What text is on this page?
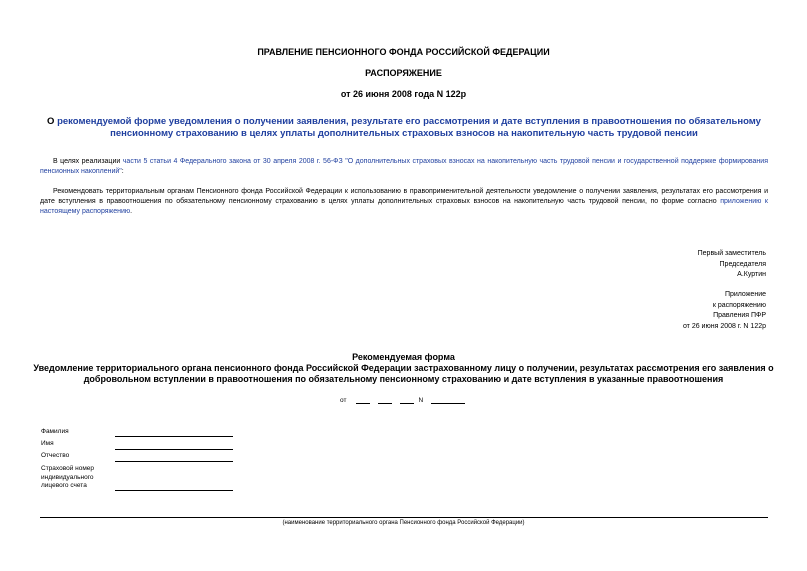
ПРАВЛЕНИЕ ПЕНСИОННОГО ФОНДА РОССИЙСКОЙ ФЕДЕРАЦИИ
РАСПОРЯЖЕНИЕ
от 26 июня 2008 года N 122р
О рекомендуемой форме уведомления о получении заявления, результате его рассмотрения и дате вступления в правоотношения по обязательному пенсионному страхованию в целях уплаты дополнительных страховых взносов на накопительную часть трудовой пенсии
В целях реализации части 5 статьи 4 Федерального закона от 30 апреля 2008 г. 56-ФЗ "О дополнительных страховых взносах на накопительную часть трудовой пенсии и государственной поддержке формирования пенсионных накоплений":
Рекомендовать территориальным органам Пенсионного фонда Российской Федерации к использованию в правоприменительной деятельности уведомление о получении заявления, результатах его рассмотрения и дате вступления в правоотношения по обязательному пенсионному страхованию в целях уплаты дополнительных страховых взносов на накопительную часть трудовой пенсии, по форме согласно приложению к настоящему распоряжению.
Первый заместитель
Председателя
А.Куртин
Приложение
к распоряжению
Правления ПФР
от 26 июня 2008 г. N 122р
Рекомендуемая форма
Уведомление территориального органа пенсионного фонда Российской Федерации застрахованному лицу о получении, результатах рассмотрения его заявления о добровольном вступлении в правоотношения по обязательному пенсионному страхованию и дате вступления в указанные правоотношения
от	N
Фамилия
Имя
Отчество
Страховой номер
индивидуального
лицевого счета
(наименование территориального органа Пенсионного фонда Российской Федерации)
